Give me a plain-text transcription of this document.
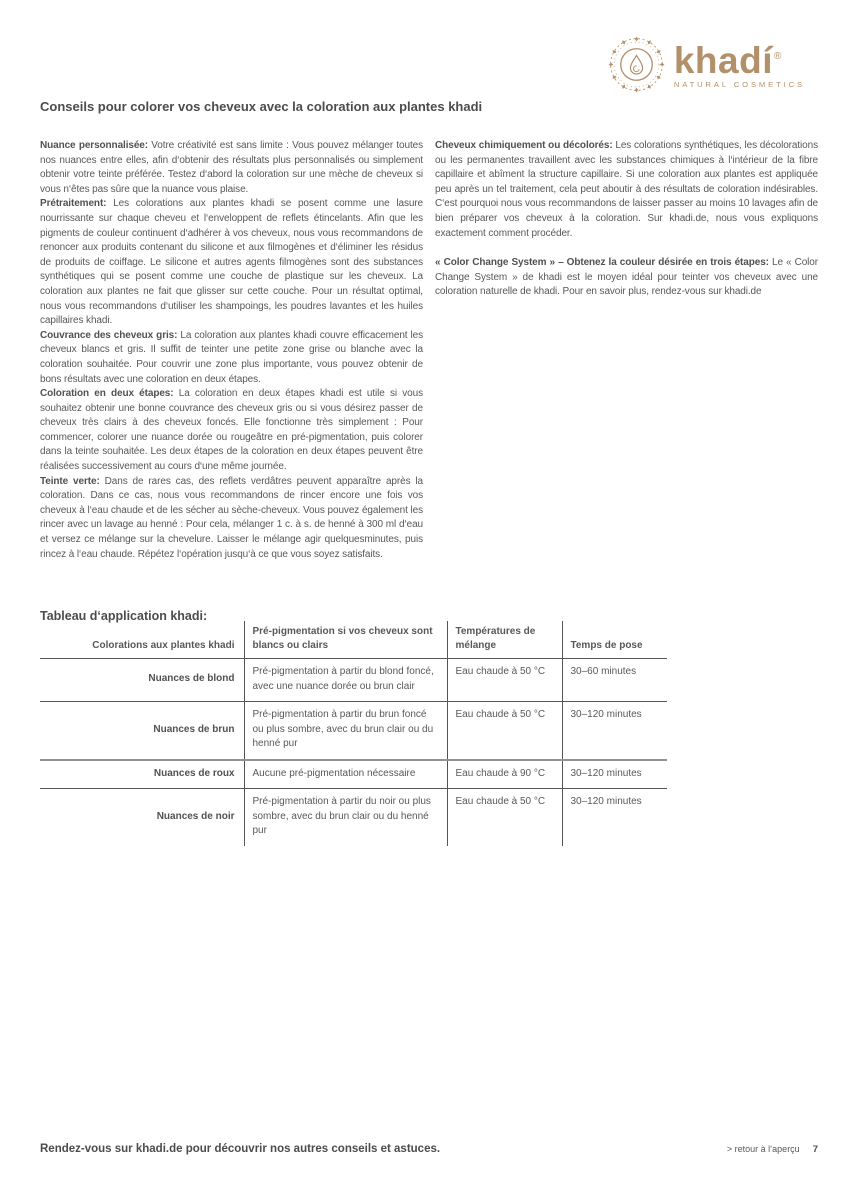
khadí®
NATURAL COSMETICS
Conseils pour colorer vos cheveux avec la coloration aux plantes khadi

Nuance personnalisée: Votre créativité est sans limite : Vous pouvez mélanger toutes nos nuances entre elles, afin d‘obtenir des résultats plus personnalisés ou simplement obtenir votre teinte préférée. Testez d‘abord la coloration sur une mèche de cheveux si vous n‘êtes pas sûre que la nuance vous plaise.

Prétraitement: Les colorations aux plantes khadi se posent comme une lasure nourrissante sur chaque cheveu et l‘enveloppent de reflets étincelants. Afin que les pigments de couleur continuent d‘adhérer à vos cheveux, nous vous recommandons de renoncer aux produits contenant du silicone et aux filmogènes et d‘éliminer les résidus de produits de coiffage. Le silicone et autres agents filmogènes sont des substances synthétiques qui se posent comme une couche de plastique sur les cheveux. La coloration aux plantes ne fait que glisser sur cette couche. Pour un résultat optimal, nous vous recommandons d‘utiliser les shampoings, les poudres lavantes et les huiles capillaires khadi.

Couvrance des cheveux gris: La coloration aux plantes khadi couvre efficacement les cheveux blancs et gris. Il suffit de teinter une petite zone grise ou blanche avec la coloration souhaitée. Pour couvrir une zone plus importante, vous pouvez obtenir de bons résultats avec une coloration en deux étapes.

Coloration en deux étapes: La coloration en deux étapes khadi est utile si vous souhaitez obtenir une bonne couvrance des cheveux gris ou si vous désirez passer de cheveux très clairs à des cheveux foncés. Elle fonctionne très simplement : Pour commencer, colorer une nuance dorée ou rougeâtre en pré-pigmentation, puis colorer dans la teinte souhaitée. Les deux étapes de la coloration en deux étapes peuvent être réalisées successivement au cours d‘une même journée.

Teinte verte: Dans de rares cas, des reflets verdâtres peuvent apparaître après la coloration. Dans ce cas, nous vous recommandons de rincer encore une fois vos cheveux à l‘eau chaude et de les sécher au sèche-cheveux. Vous pouvez également les rincer avec un lavage au henné : Pour cela, mélanger 1 c. à s. de henné à 300 ml d‘eau et versez ce mélange sur la chevelure. Laisser le mélange agir quelquesminutes, puis rincez à l‘eau chaude. Répétez l‘opération jusqu‘à ce que vous soyez satisfaits.

Cheveux chimiquement ou décolorés: Les colorations synthétiques, les décolorations ou les permanentes travaillent avec les substances chimiques à l‘intérieur de la fibre capillaire et abîment la structure capillaire. Si une coloration aux plantes est appliquée peu après un tel traitement, cela peut aboutir à des résultats de coloration indésirables. C‘est pourquoi nous vous recommandons de laisser passer au moins 10 lavages afin de bien préparer vos cheveux à la coloration. Sur khadi.de, nous vous expliquons exactement comment procéder.

« Color Change System » – Obtenez la couleur désirée en trois étapes: Le « Color Change System » de khadi est le moyen idéal pour teinter vos cheveux avec une coloration naturelle de khadi. Pour en savoir plus, rendez-vous sur khadi.de

Tableau d‘application khadi:
Colorations aux plantes khadi	Pré-pigmentation si vos cheveux sont blancs ou clairs	Températures de mélange	Temps de pose
Nuances de blond	Pré-pigmentation à partir du blond foncé, avec une nuance dorée ou brun clair	Eau chaude à 50 °C	30–60 minutes
Nuances de brun	Pré-pigmentation à partir du brun foncé ou plus sombre, avec du brun clair ou du henné pur	Eau chaude à 50 °C	30–120 minutes
Nuances de roux	Aucune pré-pigmentation nécessaire	Eau chaude à 90 °C	30–120 minutes
Nuances de noir	Pré-pigmentation à partir du noir ou plus sombre, avec du brun clair ou du henné pur	Eau chaude à 50 °C	30–120 minutes
Rendez-vous sur khadi.de pour découvrir nos autres conseils et astuces.	> retour à l‘aperçu 7
